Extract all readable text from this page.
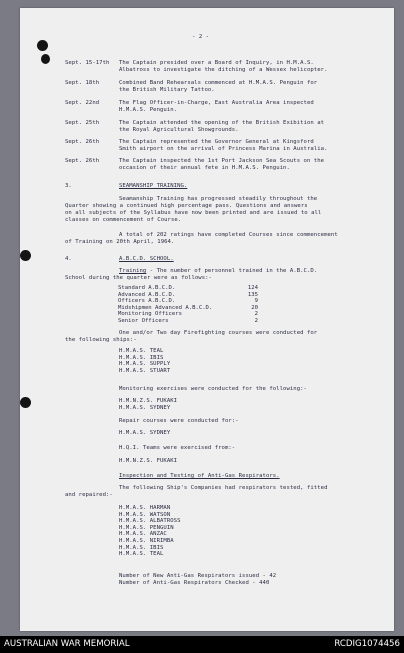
- 2 -
Sept. 15-17th The Captain presided over a Board of Inquiry, in H.M.A.S.
Albatross to investigate the ditching of a Wessex helicopter.
Sept. 18th	Combined Band Rehearsals commenced at H.M.A.S. Penguin for
the British Military Tattoo.
Sept. 22nd	The Flag Officer-in-Charge, East Australia Area inspected
H.M.A.S. Penguin.
Sept. 25th	The Captain attended the opening of the British Exibition at
the Royal Agricultural Showgrounds.
Sept. 26th	The Captain represented the Governor General at Kingsford
Smith airport on the arrival of Princess Marina in Australia.
Sept. 26th	The Captain inspected the 1st Port Jackson Sea Scouts on the
occasion of their annual fete in H.M.A.S. Penguin.
3.	SEAMANSHIP TRAINING.
Seamanship Training has progressed steadily throughout the
Quarter showing a continued high percentage pass. Questions and answers
on all subjects of the Syllabus have now been printed and are issued to all
classes on commencement of Course.
A total of 202 ratings have completed Courses since commencement
of Training on 20th April, 1964.
4.	A.B.C.D. SCHOOL.
Training - The number of personnel trained in the A.B.C.D.
School during the quarter were as follows:-
Standard A.B.C.D.	124
Advanced A.B.C.D.	135
Officers A.B.C.D.	9
Midshipmen Advanced A.B.C.D.	20
Monitoring Officers	2
Senior Officers	2
One and/or Two day Firefighting courses were conducted for
the following ships:-
H.M.A.S. TEAL
H.M.A.S. IBIS
H.M.A.S. SUPPLY
H.M.A.S. STUART
Monitoring exercises were conducted for the following:-
H.M.N.Z.S. FUKAKI
H.M.A.S. SYDNEY
Repair courses were conducted for:-
H.M.A.S. SYDNEY
H.Q.I. Teams were exercised from:-
H.M.N.Z.S. FUKAKI
Inspection and Testing of Anti-Gas Respirators.
The following Ship's Companies had respirators tested, fitted
and repaired:-
H.M.A.S. HARMAN
H.M.A.S. WATSON
H.M.A.S. ALBATROSS
H.M.A.S. PENGUIN
H.M.A.S. ANZAC
H.M.A.S. NIRIMBA
H.M.A.S. IBIS
H.M.A.S. TEAL
Number of New Anti-Gas Respirators issued - 42
Number of Anti-Gas Respirators Checked - 440
AUSTRALIAN WAR MEMORIAL	RCDIG1074456
